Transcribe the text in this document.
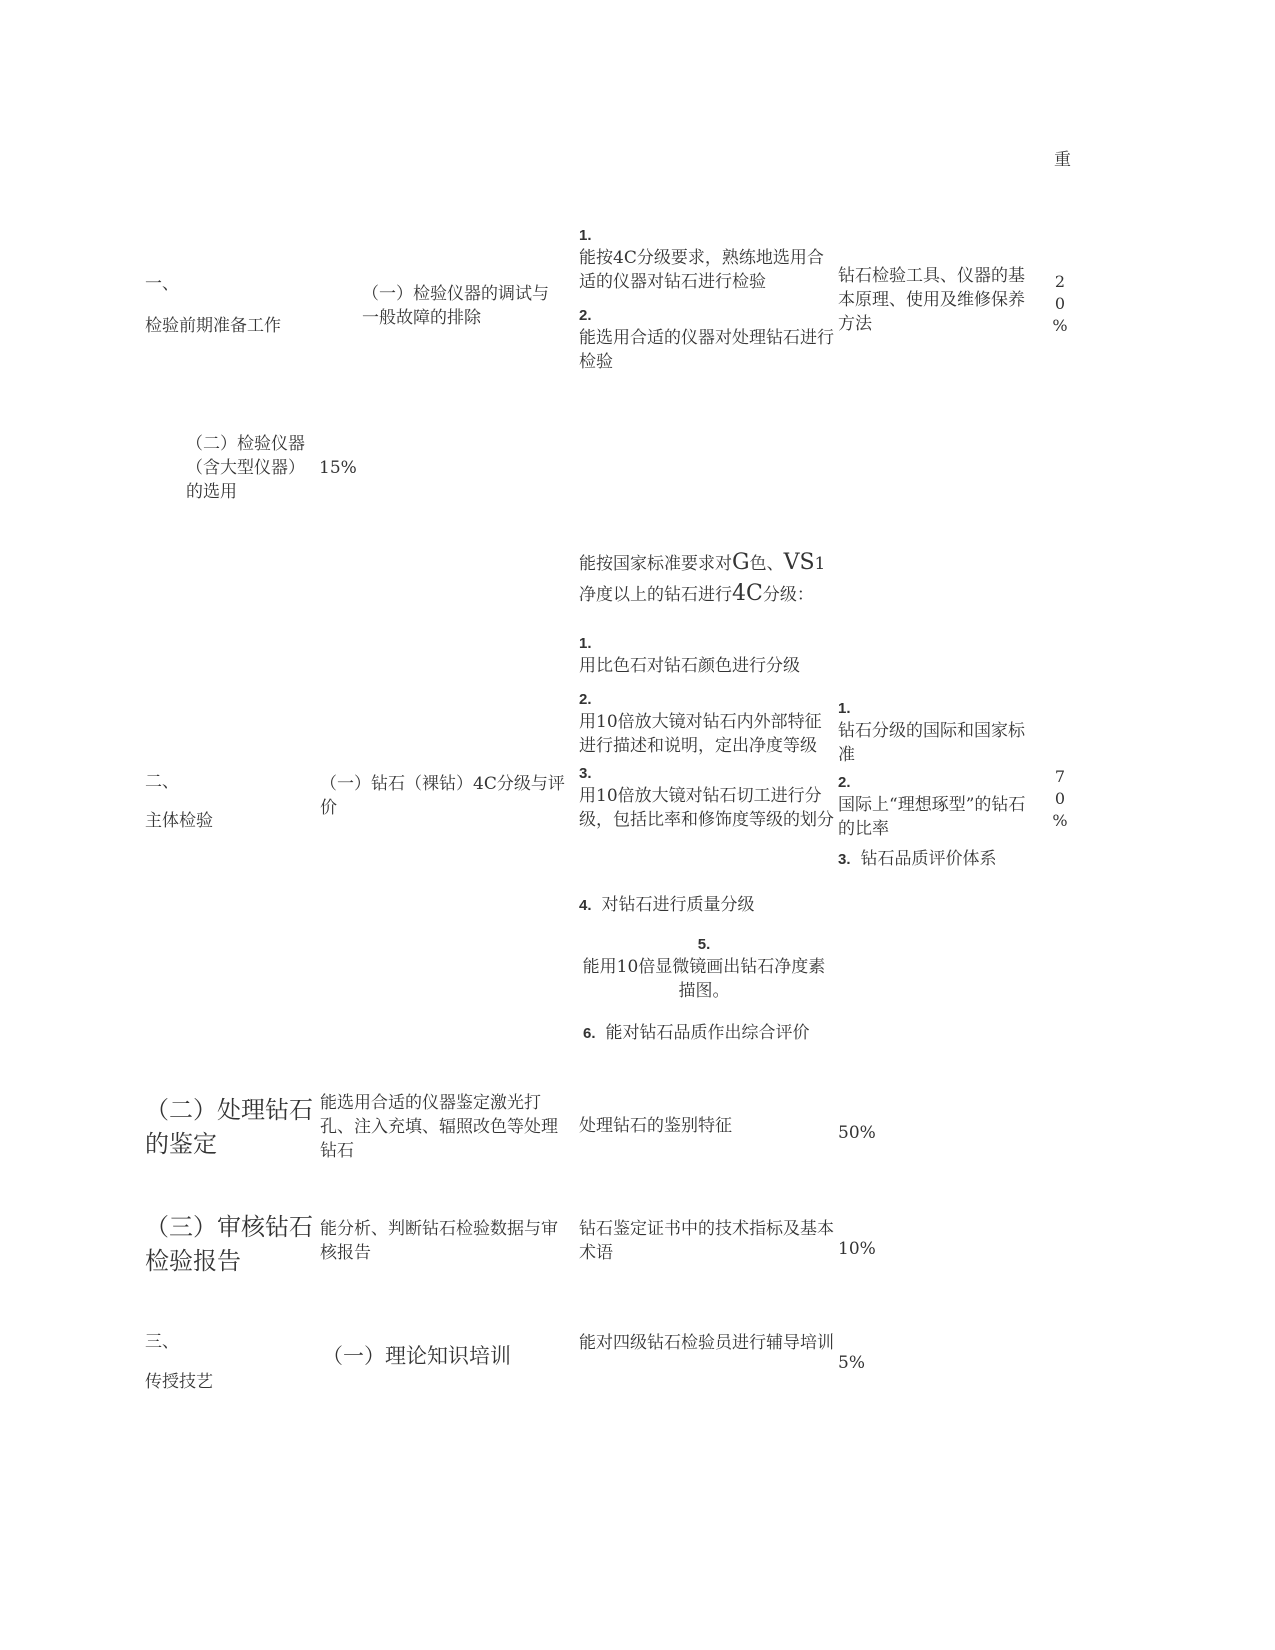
重
一、
检验前期准备工作
（一）检验仪器的调试与一般故障的排除
1.
能按4C分级要求，熟练地选用合适的仪器对钻石进行检验
2.
能选用合适的仪器对处理钻石进行检验
钻石检验工具、仪器的基本原理、使用及维修保养方法
2
0
%
（二）检验仪器（含大型仪器）的选用
15%
二、
主体检验
（一）钻石（裸钻）4C分级与评价
能按国家标准要求对G色、VS1
净度以上的钻石进行4C分级：
1.
用比色石对钻石颜色进行分级
2.
用10倍放大镜对钻石内外部特征进行描述和说明，定出净度等级
3.
用10倍放大镜对钻石切工进行分级，包括比率和修饰度等级的划分
4. 对钻石进行质量分级
5.
能用10倍显微镜画出钻石净度素描图。
6. 能对钻石品质作出综合评价
1.
钻石分级的国际和国家标准
2.
国际上“理想琢型”的钻石的比率
3. 钻石品质评价体系
7
0
%
（二）处理钻石的鉴定
能选用合适的仪器鉴定激光打孔、注入充填、辐照改色等处理钻石
处理钻石的鉴别特征	50%
（三）审核钻石检验报告
能分析、判断钻石检验数据与审核报告
钻石鉴定证书中的技术指标及基本术语	10%
三、
传授技艺
（一）理论知识培训
能对四级钻石检验员进行辅导培训
5%
